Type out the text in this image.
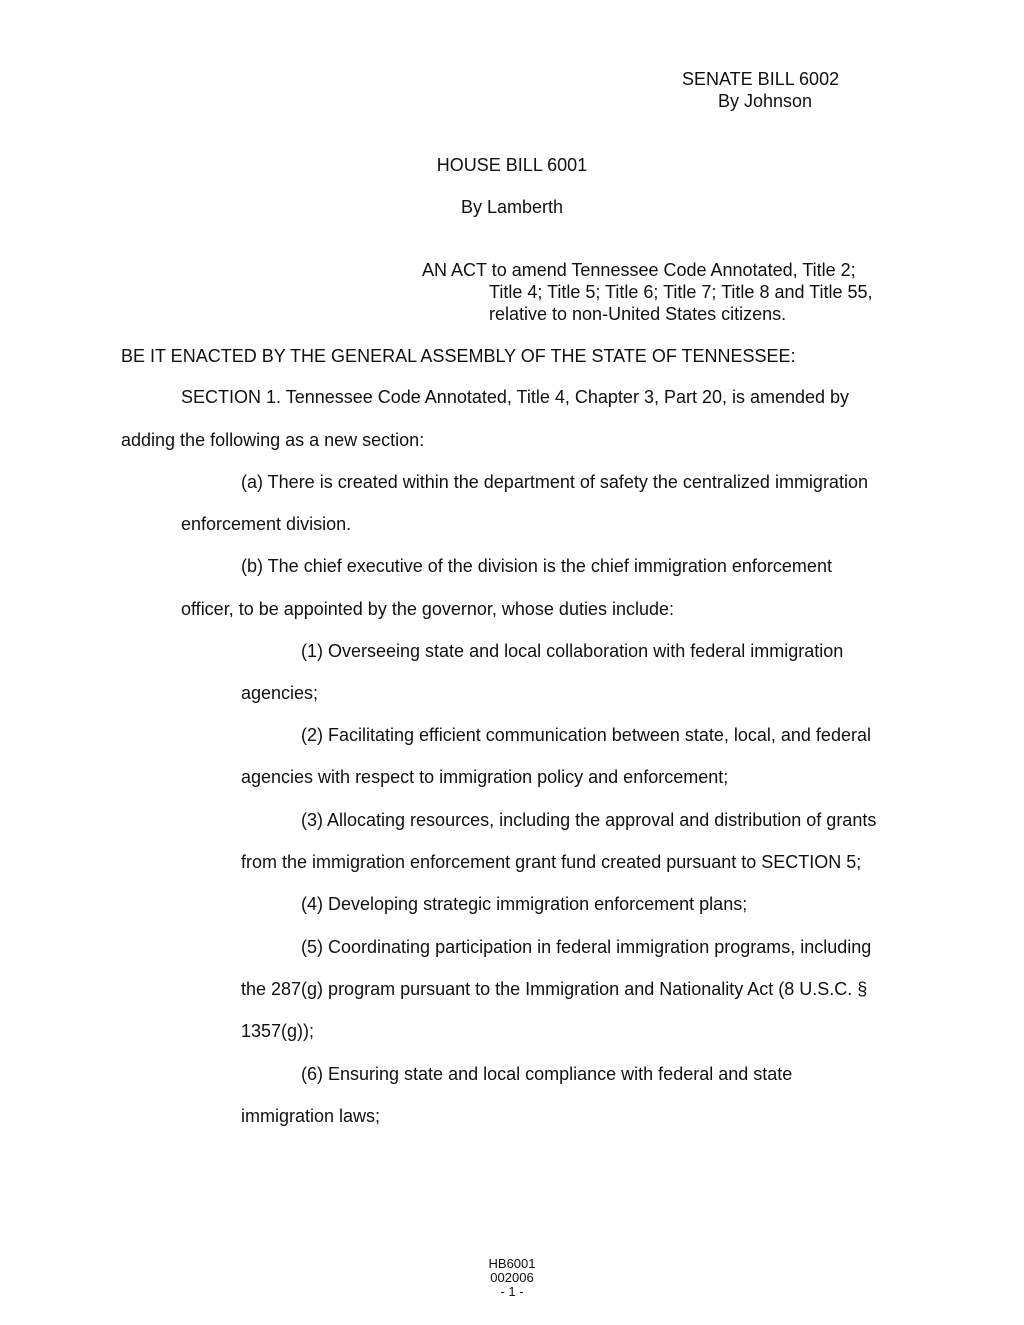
SENATE BILL 6002
By Johnson
HOUSE BILL 6001
By Lamberth
AN ACT to amend Tennessee Code Annotated, Title 2;
Title 4; Title 5; Title 6; Title 7; Title 8 and Title 55,
relative to non-United States citizens.
BE IT ENACTED BY THE GENERAL ASSEMBLY OF THE STATE OF TENNESSEE:
SECTION 1. Tennessee Code Annotated, Title 4, Chapter 3, Part 20, is amended by
adding the following as a new section:
(a) There is created within the department of safety the centralized immigration
enforcement division.
(b) The chief executive of the division is the chief immigration enforcement
officer, to be appointed by the governor, whose duties include:
(1) Overseeing state and local collaboration with federal immigration
agencies;
(2) Facilitating efficient communication between state, local, and federal
agencies with respect to immigration policy and enforcement;
(3) Allocating resources, including the approval and distribution of grants
from the immigration enforcement grant fund created pursuant to SECTION 5;
(4) Developing strategic immigration enforcement plans;
(5) Coordinating participation in federal immigration programs, including
the 287(g) program pursuant to the Immigration and Nationality Act (8 U.S.C. §
1357(g));
(6) Ensuring state and local compliance with federal and state
immigration laws;
HB6001
002006
- 1 -
